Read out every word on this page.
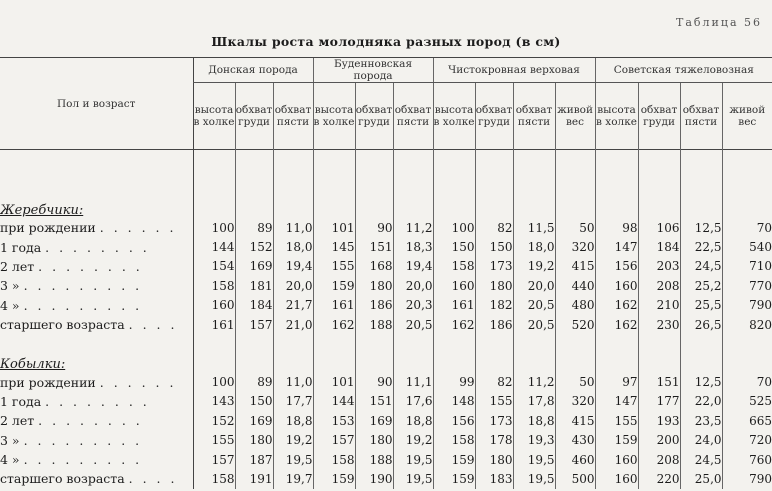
Таблица 56
Шкалы роста молодняка разных пород (в см)
Пол и возраст	Донская порода			Буденновская порода			Чистокровная верховая				Советская тяжеловозная			
	высота в холке	обхват груди	обхват пясти	высота в холке	обхват груди	обхват пясти	высота в холке	обхват груди	обхват пясти	живой вес	высота в холке	обхват груди	обхват пясти	живой вес

Жеребчики:														
при рождении . . . . . .	100	89	11,0	101	90	11,2	100	82	11,5	50	98	106	12,5	70
1 года . . . . . . . .	144	152	18,0	145	151	18,3	150	150	18,0	320	147	184	22,5	540
2 лет . . . . . . . .	154	169	19,4	155	168	19,4	158	173	19,2	415	156	203	24,5	710
3 » . . . . . . . . .	158	181	20,0	159	180	20,0	160	180	20,0	440	160	208	25,2	770
4 » . . . . . . . . .	160	184	21,7	161	186	20,3	161	182	20,5	480	162	210	25,5	790
старшего возраста . . . .	161	157	21,0	162	188	20,5	162	186	20,5	520	162	230	26,5	820

Кобылки:														
при рождении . . . . . .	100	89	11,0	101	90	11,1	99	82	11,2	50	97	151	12,5	70
1 года . . . . . . . .	143	150	17,7	144	151	17,6	148	155	17,8	320	147	177	22,0	525
2 лет . . . . . . . .	152	169	18,8	153	169	18,8	156	173	18,8	415	155	193	23,5	665
3 » . . . . . . . . .	155	180	19,2	157	180	19,2	158	178	19,3	430	159	200	24,0	720
4 » . . . . . . . . .	157	187	19,5	158	188	19,5	159	180	19,5	460	160	208	24,5	760
старшего возраста . . . .	158	191	19,7	159	190	19,5	159	183	19,5	500	160	220	25,0	790
